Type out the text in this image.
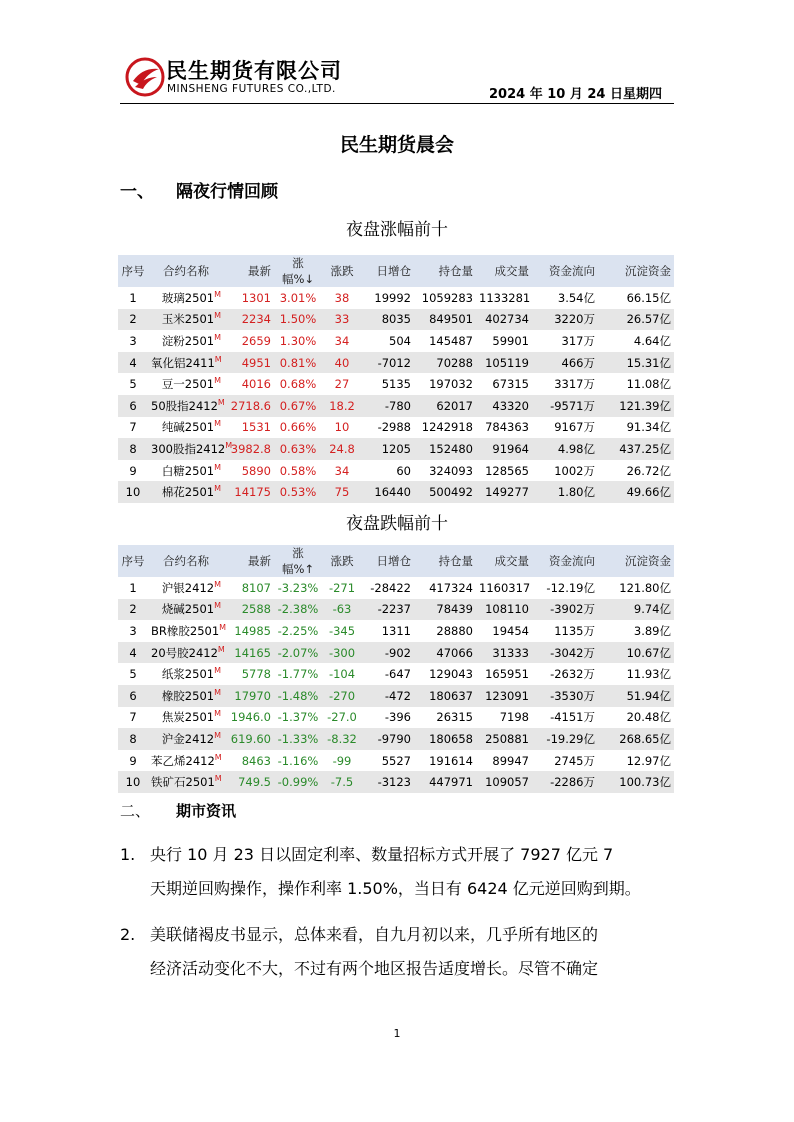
民生期货有限公司
MINSHENG FUTURES CO.,LTD.	2024 年 10 月 24 日星期四
民生期货晨会
一、 隔夜行情回顾
夜盘涨幅前十
序号	合约名称	最新	涨幅%↓	涨跌	日增仓	持仓量	成交量	资金流向	沉淀资金
1	玻璃$2501^M$	1301	3.01%	38	19992	1059283	1133281	3.54亿	66.15亿
2	玉米$2501^M$	2234	1.50%	33	8035	849501	402734	3220万	26.57亿
3	淀粉$2501^M$	2659	1.30%	34	504	145487	59901	317万	4.64亿
4	氧化铝$2411^M$	4951	0.81%	40	-7012	70288	105119	466万	15.31亿
5	豆一$2501^M$	4016	0.68%	27	5135	197032	67315	3317万	11.08亿
6	50股指$2412^M$	2718.6	0.67%	18.2	-780	62017	43320	-9571万	121.39亿
7	纯碱$2501^M$	1531	0.66%	10	-2988	1242918	784363	9167万	91.34亿
8	300股指$2412^M$	3982.8	0.63%	24.8	1205	152480	91964	4.98亿	437.25亿
9	白糖$2501^M$	5890	0.58%	34	60	324093	128565	1002万	26.72亿
10	棉花$2501^M$	14175	0.53%	75	16440	500492	149277	1.80亿	49.66亿
夜盘跌幅前十
序号	合约名称	最新	涨幅%↑	涨跌	日增仓	持仓量	成交量	资金流向	沉淀资金
1	沪银$2412^M$	8107	-3.23%	-271	-28422	417324	1160317	-12.19亿	121.80亿
2	烧碱$2501^M$	2588	-2.38%	-63	-2237	78439	108110	-3902万	9.74亿
3	BR橡胶$2501^M$	14985	-2.25%	-345	1311	28880	19454	1135万	3.89亿
4	20号胶$2412^M$	14165	-2.07%	-300	-902	47066	31333	-3042万	10.67亿
5	纸浆$2501^M$	5778	-1.77%	-104	-647	129043	165951	-2632万	11.93亿
6	橡胶$2501^M$	17970	-1.48%	-270	-472	180637	123091	-3530万	51.94亿
7	焦炭$2501^M$	1946.0	-1.37%	-27.0	-396	26315	7198	-4151万	20.48亿
8	沪金$2412^M$	619.60	-1.33%	-8.32	-9790	180658	250881	-19.29亿	268.65亿
9	苯乙烯$2412^M$	8463	-1.16%	-99	5527	191614	89947	2745万	12.97亿
10	铁矿石$2501^M$	749.5	-0.99%	-7.5	-3123	447971	109057	-2286万	100.73亿
二、 期市资讯
1. 央行 10 月 23 日以固定利率、数量招标方式开展了 7927 亿元 7
天期逆回购操作，操作利率 1.50%，当日有 6424 亿元逆回购到期。
2. 美联储褐皮书显示，总体来看，自九月初以来，几乎所有地区的
经济活动变化不大，不过有两个地区报告适度增长。尽管不确定
1
